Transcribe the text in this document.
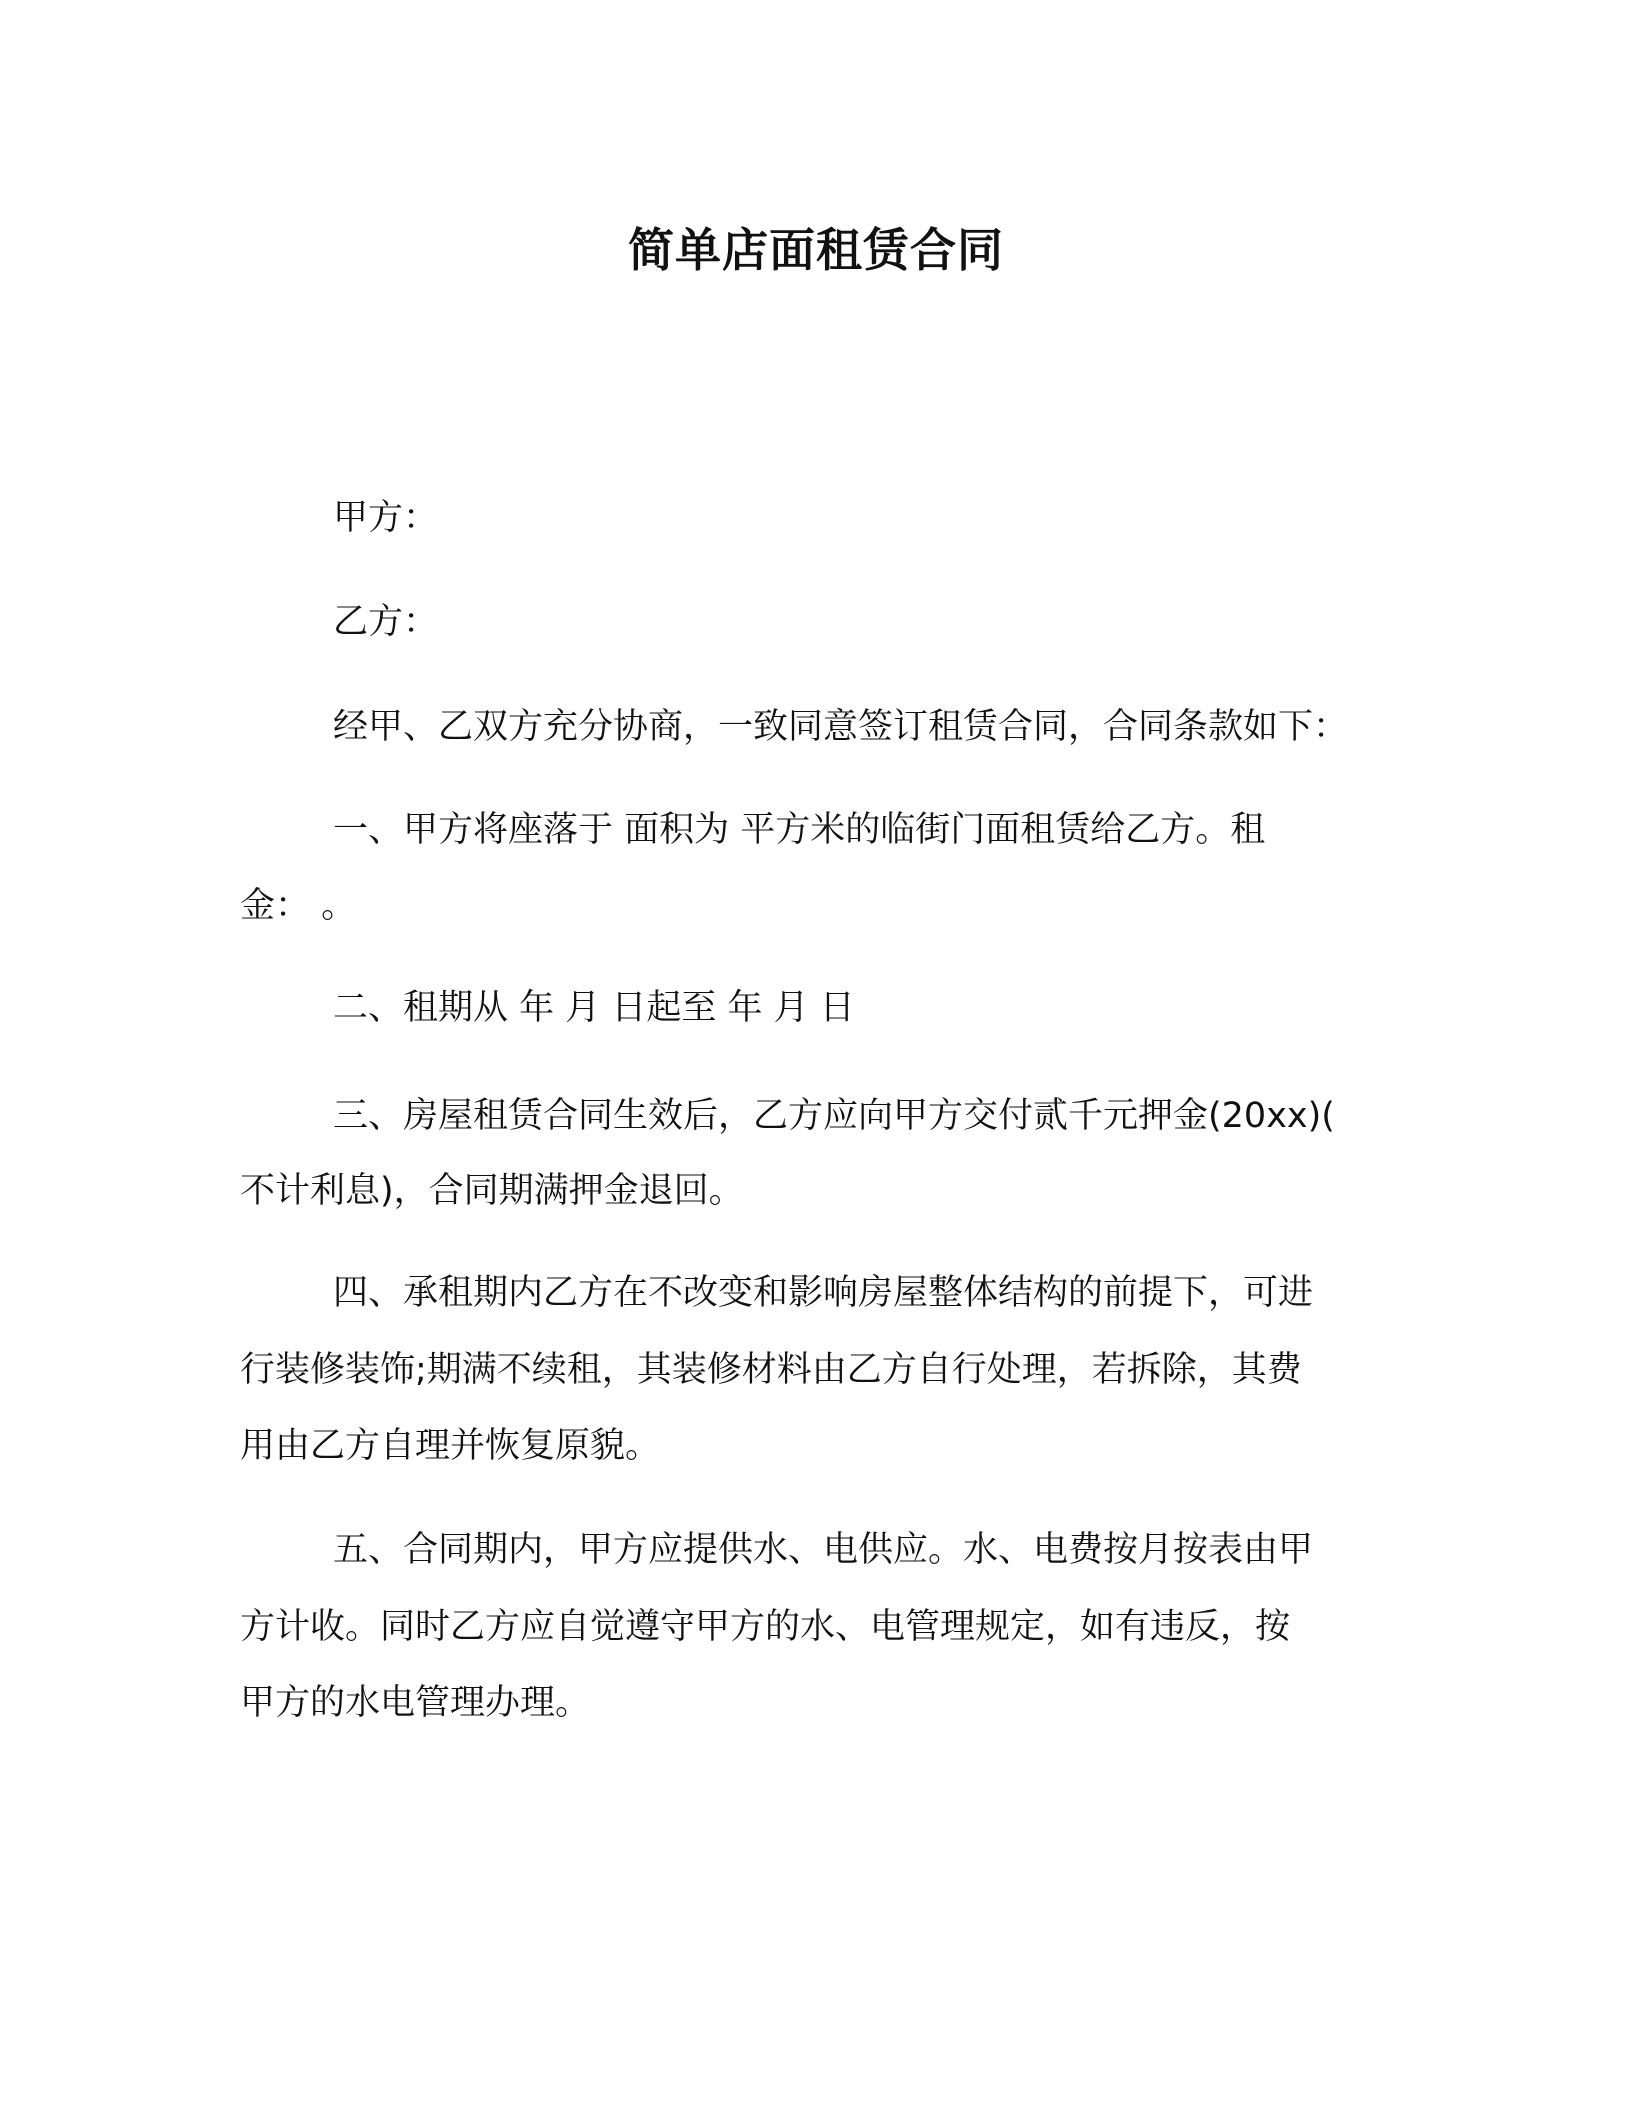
简单店面租赁合同
甲方：
乙方：
经甲、乙双方充分协商，一致同意签订租赁合同，合同条款如下：
一、甲方将座落于 面积为 平方米的临街门面租赁给乙方。租
金： 。
二、租期从 年 月 日起至 年 月 日
三、房屋租赁合同生效后，乙方应向甲方交付贰千元押金(20xx)(
不计利息)，合同期满押金退回。
四、承租期内乙方在不改变和影响房屋整体结构的前提下，可进
行装修装饰;期满不续租，其装修材料由乙方自行处理，若拆除，其费
用由乙方自理并恢复原貌。
五、合同期内，甲方应提供水、电供应。水、电费按月按表由甲
方计收。同时乙方应自觉遵守甲方的水、电管理规定，如有违反，按
甲方的水电管理办理。
